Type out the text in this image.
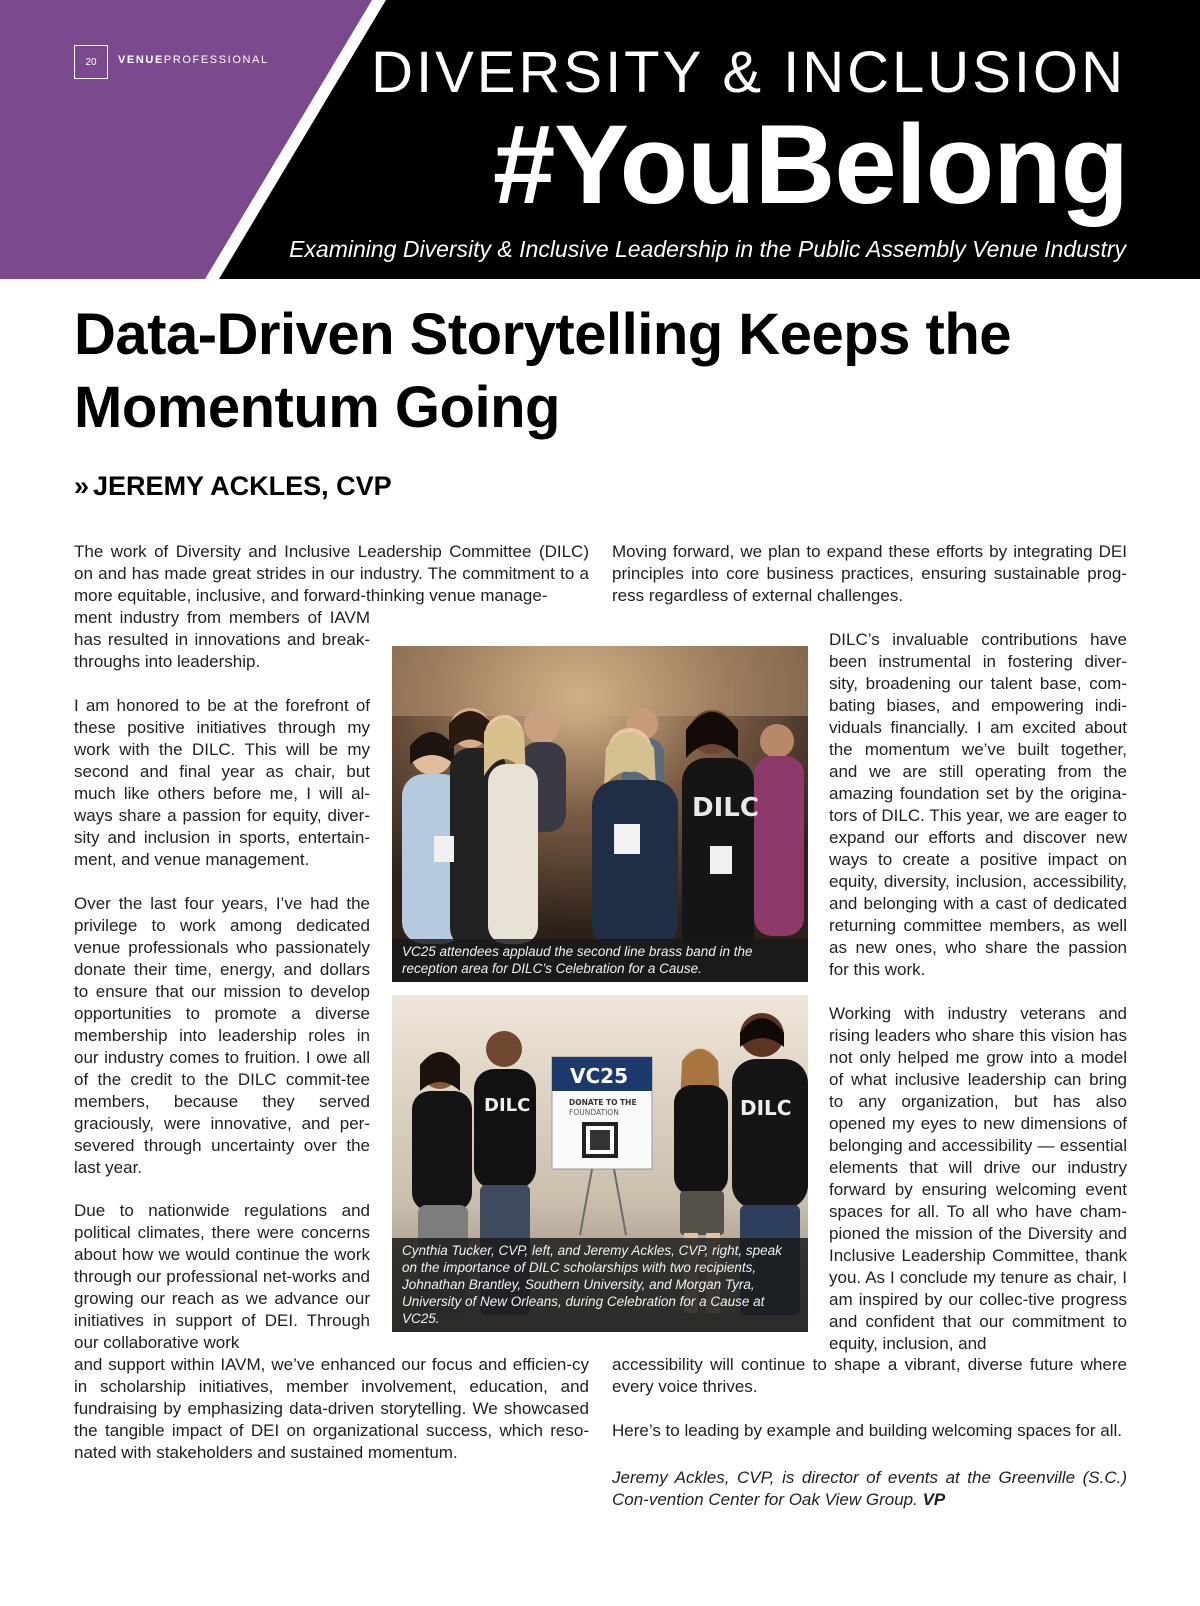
20	VENUEPROFESSIONAL DIVERSITY & INCLUSION
#YouBelong
Examining Diversity & Inclusive Leadership in the Public Assembly Venue Industry
Data-Driven Storytelling Keeps the Momentum Going
» JEREMY ACKLES, CVP

The work of Diversity and Inclusive Leadership Committee (DILC) on and has made great strides in our industry. The commitment to a more equitable, inclusive, and forward-thinking venue manage-

ment industry from members of IAVM has resulted in innovations and break-throughs into leadership.

I am honored to be at the forefront of these positive initiatives through my work with the DILC. This will be my second and final year as chair, but much like others before me, I will al-ways share a passion for equity, diver-sity and inclusion in sports, entertain-ment, and venue management.

Over the last four years, I’ve had the privilege to work among dedicated venue professionals who passionately donate their time, energy, and dollars to ensure that our mission to develop opportunities to promote a diverse membership into leadership roles in our industry comes to fruition. I owe all of the credit to the DILC commit-tee members, because they served graciously, were innovative, and per-severed through uncertainty over the last year.

Due to nationwide regulations and political climates, there were concerns about how we would continue the work through our professional net-works and growing our reach as we advance our initiatives in support of DEI. Through our collaborative work

and support within IAVM, we’ve enhanced our focus and efficien-cy in scholarship initiatives, member involvement, education, and fundraising by emphasizing data-driven storytelling. We showcased the tangible impact of DEI on organizational success, which reso-nated with stakeholders and sustained momentum.

Moving forward, we plan to expand these efforts by integrating DEI principles into core business practices, ensuring sustainable prog-ress regardless of external challenges.

DILC’s invaluable contributions have been instrumental in fostering diver-sity, broadening our talent base, com-bating biases, and empowering indi-viduals financially. I am excited about the momentum we’ve built together, and we are still operating from the amazing foundation set by the origina-tors of DILC. This year, we are eager to expand our efforts and discover new ways to create a positive impact on equity, diversity, inclusion, accessibility, and belonging with a cast of dedicated returning committee members, as well as new ones, who share the passion for this work.

Working with industry veterans and rising leaders who share this vision has not only helped me grow into a model of what inclusive leadership can bring to any organization, but has also opened my eyes to new dimensions of belonging and accessibility — essential elements that will drive our industry forward by ensuring welcoming event spaces for all. To all who have cham-pioned the mission of the Diversity and Inclusive Leadership Committee, thank you. As I conclude my tenure as chair, I am inspired by our collec-tive progress and confident that our commitment to equity, inclusion, and

accessibility will continue to shape a vibrant, diverse future where every voice thrives.

Here’s to leading by example and building welcoming spaces for all.

Jeremy Ackles, CVP, is director of events at the Greenville (S.C.) Con-vention Center for Oak View Group. VP

DILC
VC25 attendees applaud the second line brass band in the reception area for DILC’s Celebration for a Cause.
VC25
DONATE TO THE
FOUNDATION
DILC	DILC
Cynthia Tucker, CVP, left, and Jeremy Ackles, CVP, right, speak on the importance of DILC scholarships with two recipients, Johnathan Brantley, Southern University, and Morgan Tyra, University of New Orleans, during Celebration for a Cause at VC25.
